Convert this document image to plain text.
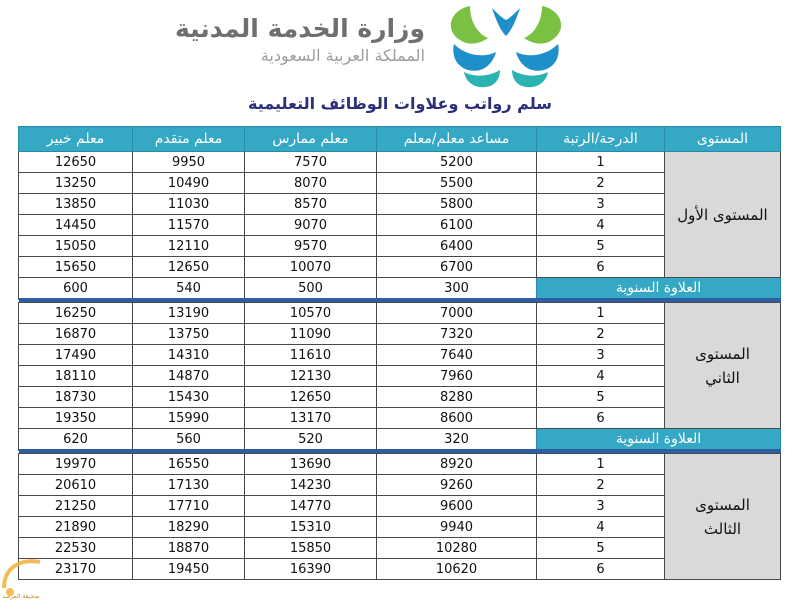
وزارة الخدمة المدنية
المملكة العربية السعودية
سلم رواتب وعلاوات الوظائف التعليمية
المستوى	الدرجة/الرتبة	مساعد معلم/معلم	معلم ممارس	معلم متقدم	معلم خبير
المستوى الأول	1	5200	7570	9950	12650
	2	5500	8070	10490	13250
	3	5800	8570	11030	13850
	4	6100	9070	11570	14450
	5	6400	9570	12110	15050
	6	6700	10070	12650	15650
العلاوة السنوية		300	500	540	600

المستوى
الثاني	1	7000	10570	13190	16250
	2	7320	11090	13750	16870
	3	7640	11610	14310	17490
	4	7960	12130	14870	18110
	5	8280	12650	15430	18730
	6	8600	13170	15990	19350
العلاوة السنوية		320	520	560	620

المستوى
الثالث	1	8920	13690	16550	19970
	2	9260	14230	17130	20610
	3	9600	14770	17710	21250
	4	9940	15310	18290	21890
	5	10280	15850	18870	22530
	6	10620	16390	19450	23170
صحيفة المرصد
